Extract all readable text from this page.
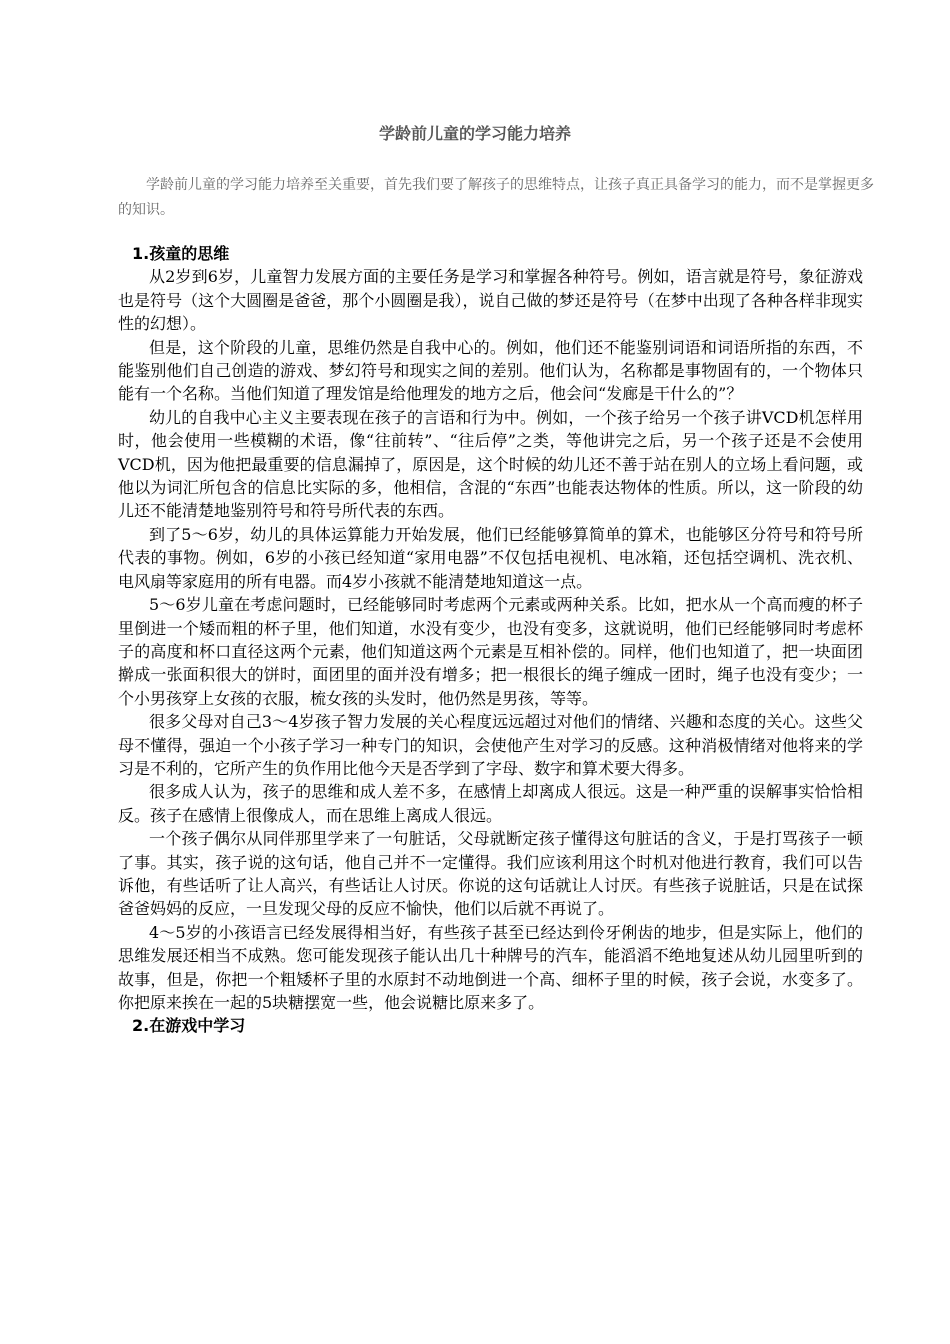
学龄前儿童的学习能力培养

学龄前儿童的学习能力培养至关重要，首先我们要了解孩子的思维特点，让孩子真正具备学习的能力，而不是掌握更多的知识。

1.孩童的思维

从2岁到6岁，儿童智力发展方面的主要任务是学习和掌握各种符号。例如，语言就是符号，象征游戏也是符号（这个大圆圈是爸爸，那个小圆圈是我），说自己做的梦还是符号（在梦中出现了各种各样非现实性的幻想）。

但是，这个阶段的儿童，思维仍然是自我中心的。例如，他们还不能鉴别词语和词语所指的东西，不能鉴别他们自己创造的游戏、梦幻符号和现实之间的差别。他们认为，名称都是事物固有的，一个物体只能有一个名称。当他们知道了理发馆是给他理发的地方之后，他会问“发廊是干什么的”？

幼儿的自我中心主义主要表现在孩子的言语和行为中。例如，一个孩子给另一个孩子讲VCD机怎样用时，他会使用一些模糊的术语，像“往前转”、“往后停”之类，等他讲完之后，另一个孩子还是不会使用VCD机，因为他把最重要的信息漏掉了，原因是，这个时候的幼儿还不善于站在别人的立场上看问题，或他以为词汇所包含的信息比实际的多，他相信，含混的“东西”也能表达物体的性质。所以，这一阶段的幼儿还不能清楚地鉴别符号和符号所代表的东西。

到了5～6岁，幼儿的具体运算能力开始发展，他们已经能够算简单的算术，也能够区分符号和符号所代表的事物。例如，6岁的小孩已经知道“家用电器”不仅包括电视机、电冰箱，还包括空调机、洗衣机、电风扇等家庭用的所有电器。而4岁小孩就不能清楚地知道这一点。

5～6岁儿童在考虑问题时，已经能够同时考虑两个元素或两种关系。比如，把水从一个高而瘦的杯子里倒进一个矮而粗的杯子里，他们知道，水没有变少，也没有变多，这就说明，他们已经能够同时考虑杯子的高度和杯口直径这两个元素，他们知道这两个元素是互相补偿的。同样，他们也知道了，把一块面团擀成一张面积很大的饼时，面团里的面并没有增多；把一根很长的绳子缠成一团时，绳子也没有变少；一个小男孩穿上女孩的衣服，梳女孩的头发时，他仍然是男孩，等等。

很多父母对自己3～4岁孩子智力发展的关心程度远远超过对他们的情绪、兴趣和态度的关心。这些父母不懂得，强迫一个小孩子学习一种专门的知识，会使他产生对学习的反感。这种消极情绪对他将来的学习是不利的，它所产生的负作用比他今天是否学到了字母、数字和算术要大得多。

很多成人认为，孩子的思维和成人差不多，在感情上却离成人很远。这是一种严重的误解事实恰恰相反。孩子在感情上很像成人，而在思维上离成人很远。

一个孩子偶尔从同伴那里学来了一句脏话，父母就断定孩子懂得这句脏话的含义，于是打骂孩子一顿了事。其实，孩子说的这句话，他自己并不一定懂得。我们应该利用这个时机对他进行教育，我们可以告诉他，有些话听了让人高兴，有些话让人讨厌。你说的这句话就让人讨厌。有些孩子说脏话，只是在试探爸爸妈妈的反应，一旦发现父母的反应不愉快，他们以后就不再说了。

4～5岁的小孩语言已经发展得相当好，有些孩子甚至已经达到伶牙俐齿的地步，但是实际上，他们的思维发展还相当不成熟。您可能发现孩子能认出几十种牌号的汽车，能滔滔不绝地复述从幼儿园里听到的故事，但是，你把一个粗矮杯子里的水原封不动地倒进一个高、细杯子里的时候，孩子会说，水变多了。你把原来挨在一起的5块糖摆宽一些，他会说糖比原来多了。

2.在游戏中学习
